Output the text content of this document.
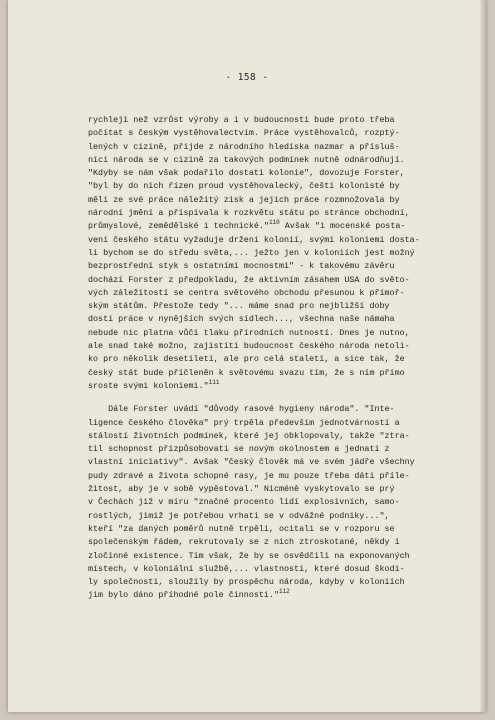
- 158 -
rychleji než vzrůst výroby a i v budoucnosti bude proto třeba
počítat s českým vystěhovalectvím. Práce vystěhovalců, rozptý-
lených v cizině, přijde z národního hlediska nazmar a přísluš-
níci národa se v cizině za takových podmínek nutně odnárodňují.
"Kdyby se nám však podařilo dostati kolonie", dovozuje Forster,
"byl by do nich řízen proud vystěhovalecký, čeští kolonisté by
měli ze své práce náležitý zisk a jejich práce rozmnožovala by
národní jmění a přispívala k rozkvětu státu po stránce obchodní,
průmyslové, zemědělské i technické."$^{110}$ Avšak "i mocenské posta-
vení českého státu vyžaduje držení kolonií, svými koloniemi dosta-
li bychom se do středu světa,... ježto jen v koloniích jest možný
bezprostřední styk s ostatními mocnostmi" - k takovému závěru
dochází Forster z předpokladu, že aktivním zásahem USA do světo-
vých záležitostí se centra světového obchodu přesunou k přímoř-
ským státům. Přestože tedy "... máme snad pro nejbližší doby
dosti práce v nynějších svých sídlech..., všechna naše námaha
nebude nic platna vůči tlaku přírodních nutností. Dnes je nutno,
ale snad také možno, zajistiti budoucnost českého národa netoli-
ko pro několik desetiletí, ale pro celá staletí, a sice tak, že
český stát bude přičleněn k světovému svazu tím, že s ním přímo
sroste svými koloniemi."$^{111}$
Dále Forster uvádí "důvody rasové hygieny národa". "Inte-
ligence českého člověka" prý trpěla především jednotvárností a
stálostí životních podmínek, které jej obklopovaly, takže "ztra-
til schopnost přizpůsobovati se novým okolnostem a jednati z
vlastní iniciativy". Avšak "český člověk má ve svém jádře všechny
pudy zdravé a života schopné rasy, je mu pouze třeba dáti příle-
žitost, aby je v sobě vypěstoval." Nicméně vyskytovalo se prý
v Čechách již v míru "značné procento lidí explosivních, samo-
rostlých, jimiž je potřebou vrhati se v odvážné podniky...",
kteří "za daných poměrů nutně trpěli, ocitali se v rozporu se
společenským řádem, rekrutovaly se z nich ztroskotané, někdy i
zločinné existence. Tím však, že by se osvědčili na exponovaných
místech, v koloniální službě,... vlastnosti, které dosud škodi-
ly společnosti, sloužily by prospěchu národa, kdyby v koloniích
jim bylo dáno příhodné pole činnosti."$^{112}$
